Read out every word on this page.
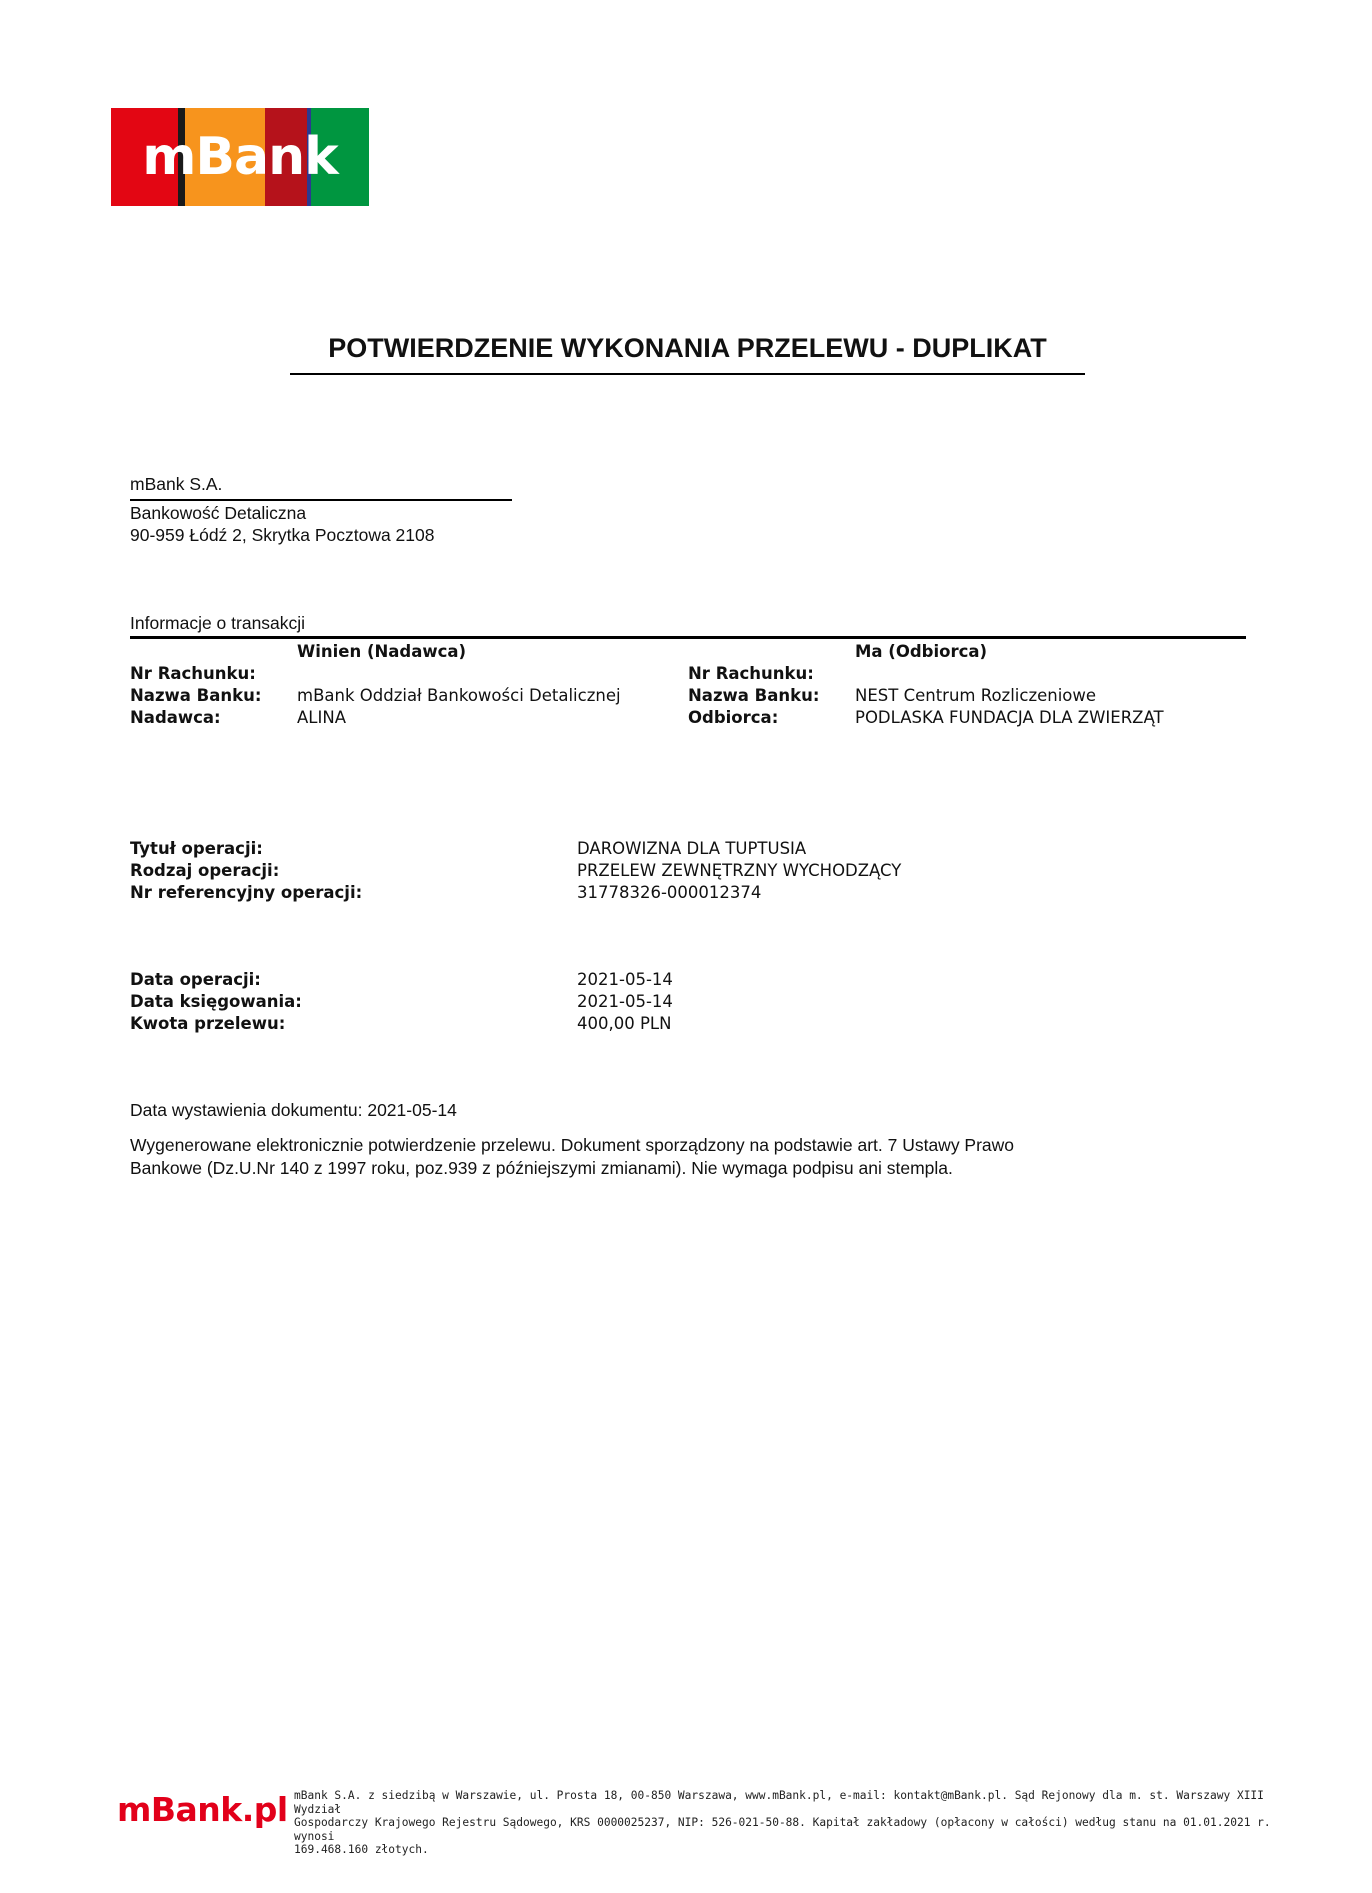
mBank
POTWIERDZENIE WYKONANIA PRZELEWU - DUPLIKAT
mBank S.A.
Bankowość Detaliczna
90-959 Łódź 2, Skrytka Pocztowa 2108
Informacje o transakcji
Winien (Nadawca)
Nr Rachunku:
Nazwa Banku: mBank Oddział Bankowości Detalicznej
Nadawca:	ALINA
Ma (Odbiorca)
Nr Rachunku:
Nazwa Banku: NEST Centrum Rozliczeniowe
Odbiorca:	PODLASKA FUNDACJA DLA ZWIERZĄT
Tytuł operacji:	DAROWIZNA DLA TUPTUSIA
Rodzaj operacji:	PRZELEW ZEWNĘTRZNY WYCHODZĄCY
Nr referencyjny operacji:	31778326-000012374
Data operacji:	2021-05-14
Data księgowania:	2021-05-14
Kwota przelewu:	400,00 PLN
Data wystawienia dokumentu: 2021-05-14
Wygenerowane elektronicznie potwierdzenie przelewu. Dokument sporządzony na podstawie art. 7 Ustawy Prawo
Bankowe (Dz.U.Nr 140 z 1997 roku, poz.939 z późniejszymi zmianami). Nie wymaga podpisu ani stempla.
mBank.pl mBank S.A. z siedzibą w Warszawie, ul. Prosta 18, 00-850 Warszawa, www.mBank.pl, e-mail: kontakt@mBank.pl. Sąd Rejonowy dla m. st. Warszawy XIII Wydział
Gospodarczy Krajowego Rejestru Sądowego, KRS 0000025237, NIP: 526-021-50-88. Kapitał zakładowy (opłacony w całości) według stanu na 01.01.2021 r. wynosi
169.468.160 złotych.
